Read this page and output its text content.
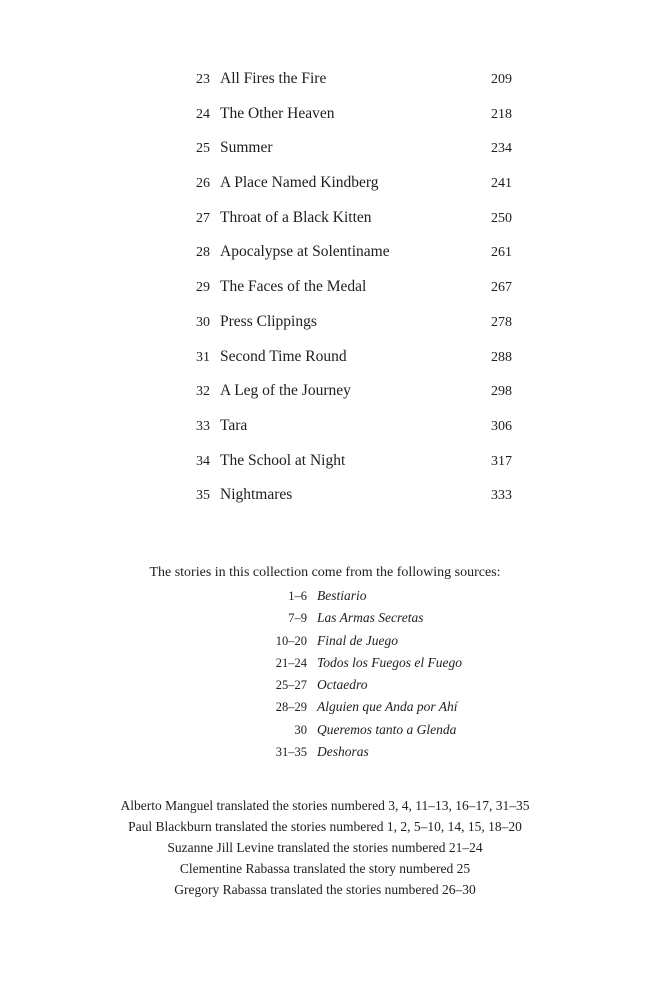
23 All Fires the Fire	209
24 The Other Heaven	218
25 Summer	234
26 A Place Named Kindberg	241
27 Throat of a Black Kitten	250
28 Apocalypse at Solentiname	261
29 The Faces of the Medal	267
30 Press Clippings	278
31 Second Time Round	288
32 A Leg of the Journey	298
33 Tara	306
34 The School at Night	317
35 Nightmares	333
The stories in this collection come from the following sources:
1–6 Bestiario
7–9 Las Armas Secretas
10–20 Final de Juego
21–24 Todos los Fuegos el Fuego
25–27 Octaedro
28–29 Alguien que Anda por Ahí
30 Queremos tanto a Glenda
31–35 Deshoras
Alberto Manguel translated the stories numbered 3, 4, 11–13, 16–17, 31–35
Paul Blackburn translated the stories numbered 1, 2, 5–10, 14, 15, 18–20
Suzanne Jill Levine translated the stories numbered 21–24
Clementine Rabassa translated the story numbered 25
Gregory Rabassa translated the stories numbered 26–30
